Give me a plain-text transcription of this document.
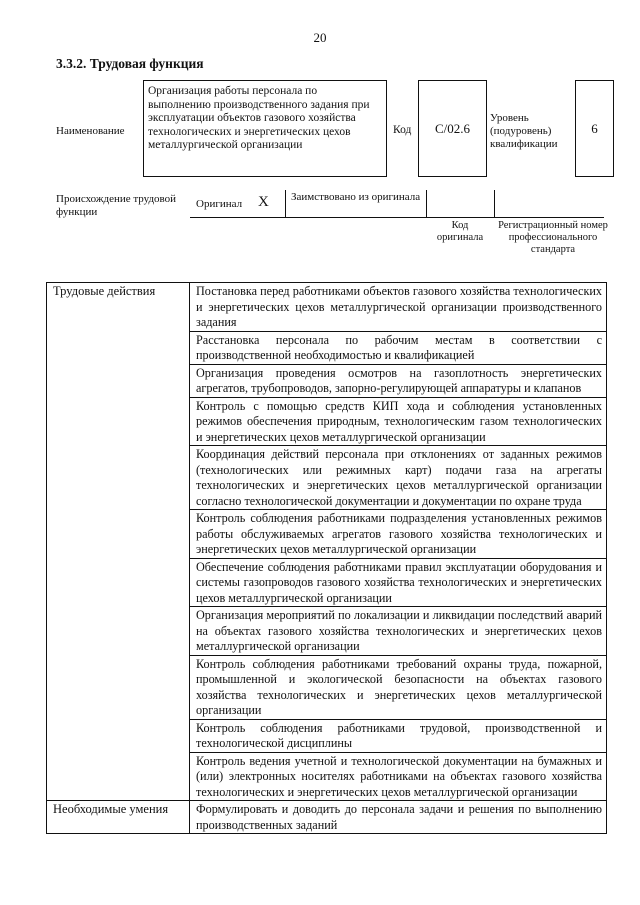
20
3.3.2. Трудовая функция
Наименование
Организация работы персонала по выполнению производственного задания при эксплуатации объектов газового хозяйства технологических и энергетических цехов металлургической организации
Код	С/02.6
Уровень (подуровень) квалификации
6
Происхождение трудовой функции
Оригинал X Заимствовано из оригинала
Код оригинала
Регистрационный номер профессионального стандарта
Трудовые действия	Постановка перед работниками объектов газового хозяйства технологических и энергетических цехов металлургической организации производственного задания
	Расстановка персонала по рабочим местам в соответствии с производственной необходимостью и квалификацией
	Организация проведения осмотров на газоплотность энергетических агрегатов, трубопроводов, запорно-регулирующей аппаратуры и клапанов
	Контроль с помощью средств КИП хода и соблюдения установленных режимов обеспечения природным, технологическим газом технологических и энергетических цехов металлургической организации
	Координация действий персонала при отклонениях от заданных режимов (технологических или режимных карт) подачи газа на агрегаты технологических и энергетических цехов металлургической организации согласно технологической документации и документации по охране труда
	Контроль соблюдения работниками подразделения установленных режимов работы обслуживаемых агрегатов газового хозяйства технологических и энергетических цехов металлургической организации
	Обеспечение соблюдения работниками правил эксплуатации оборудования и системы газопроводов газового хозяйства технологических и энергетических цехов металлургической организации
	Организация мероприятий по локализации и ликвидации последствий аварий на объектах газового хозяйства технологических и энергетических цехов металлургической организации
	Контроль соблюдения работниками требований охраны труда, пожарной, промышленной и экологической безопасности на объектах газового хозяйства технологических и энергетических цехов металлургической организации
	Контроль соблюдения работниками трудовой, производственной и технологической дисциплины
	Контроль ведения учетной и технологической документации на бумажных и (или) электронных носителях работниками на объектах газового хозяйства технологических и энергетических цехов металлургической организации
Необходимые умения	Формулировать и доводить до персонала задачи и решения по выполнению производственных заданий
